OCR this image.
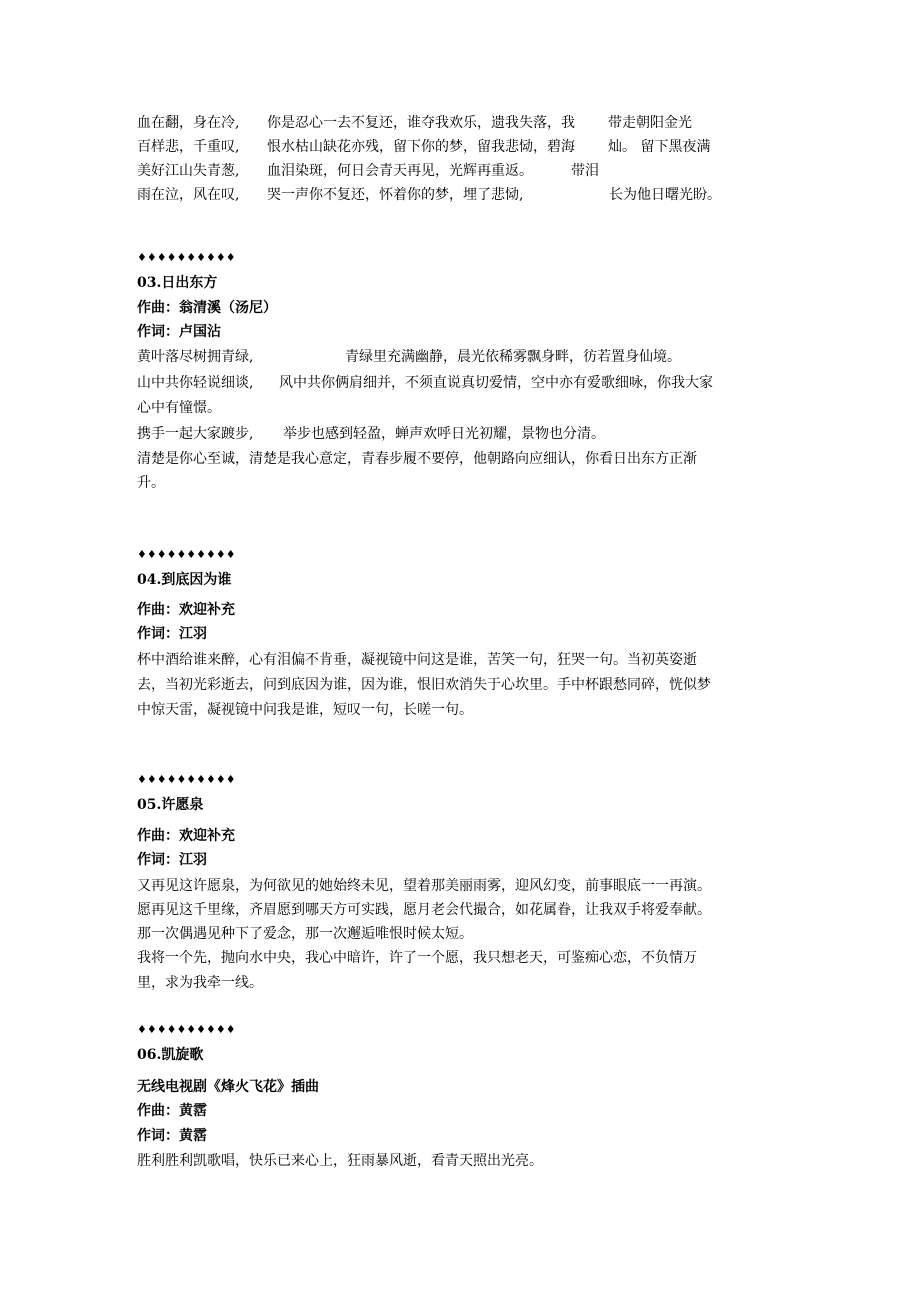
血在翻，身在冷,
百样悲，千重叹,
美好江山失青葱,
雨在泣，风在叹,
你是忍心一去不复还，谁夺我欢乐，遗我失落，我
恨水枯山缺花亦残，留下你的梦，留我悲恸，碧海
血泪染斑，何日会青天再见，光辉再重返。
哭一声你不复还，怀着你的梦，埋了悲恸,
带走朝阳金光
灿。 留下黑夜满
带泪
长为他日曙光盼。
♦♦♦♦♦♦♦♦♦♦
03.日出东方
作曲：翁清溪（汤尼）
作词：卢国沾
黄叶落尽树拥青绿,	青绿里充满幽静，晨光依稀雾飘身畔，彷若置身仙境。
山中共你轻说细谈, 风中共你俩肩细并，不须直说真切爱情，空中亦有爱歌细咏，你我大家
心中有憧憬。
携手一起大家踱步, 举步也感到轻盈，蝉声欢呼日光初耀，景物也分清。
清楚是你心至诚，清楚是我心意定，青春步履不要停，他朝路向应细认，你看日出东方正渐
升。
♦♦♦♦♦♦♦♦♦♦
04.到底因为谁
作曲：欢迎补充
作词：江羽
杯中酒给谁来醉，心有泪偏不肯垂，凝视镜中问这是谁，苦笑一句，狂哭一句。当初英姿逝
去，当初光彩逝去，问到底因为谁，因为谁，恨旧欢消失于心坎里。手中杯跟愁同碎，恍似梦
中惊天雷，凝视镜中问我是谁，短叹一句，长嗟一句。
♦♦♦♦♦♦♦♦♦♦
05.许愿泉
作曲：欢迎补充
作词：江羽
又再见这许愿泉，为何欲见的她始终未见，望着那美丽雨雾，迎风幻变，前事眼底一一再演。
愿再见这千里缘，齐眉愿到哪天方可实践，愿月老会代撮合，如花属眷，让我双手将爱奉献。
那一次偶遇见种下了爱念，那一次邂逅唯恨时候太短。
我将一个先，抛向水中央，我心中暗许，许了一个愿，我只想老天，可鉴痴心恋，不负情万
里，求为我牵一线。
♦♦♦♦♦♦♦♦♦♦
06.凯旋歌
无线电视剧《烽火飞花》插曲
作曲：黄霑
作词：黄霑
胜利胜利凯歌唱，快乐已来心上，狂雨暴风逝，看青天照出光亮。
